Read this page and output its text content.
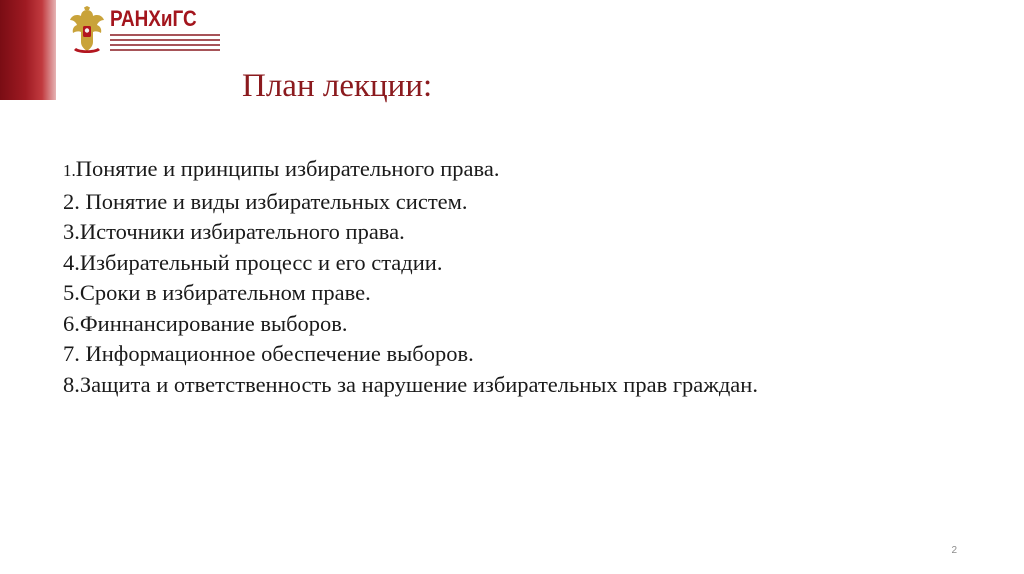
РАНХиГС
План лекции:
1.Понятие и принципы избирательного права.
2. Понятие и виды избирательных систем.
3.Источники избирательного права.
4.Избирательный процесс и его стадии.
5.Сроки в избирательном праве.
6.Финнансирование выборов.
7. Информационное обеспечение выборов.
8.Защита и ответственность за нарушение избирательных прав граждан.
2
